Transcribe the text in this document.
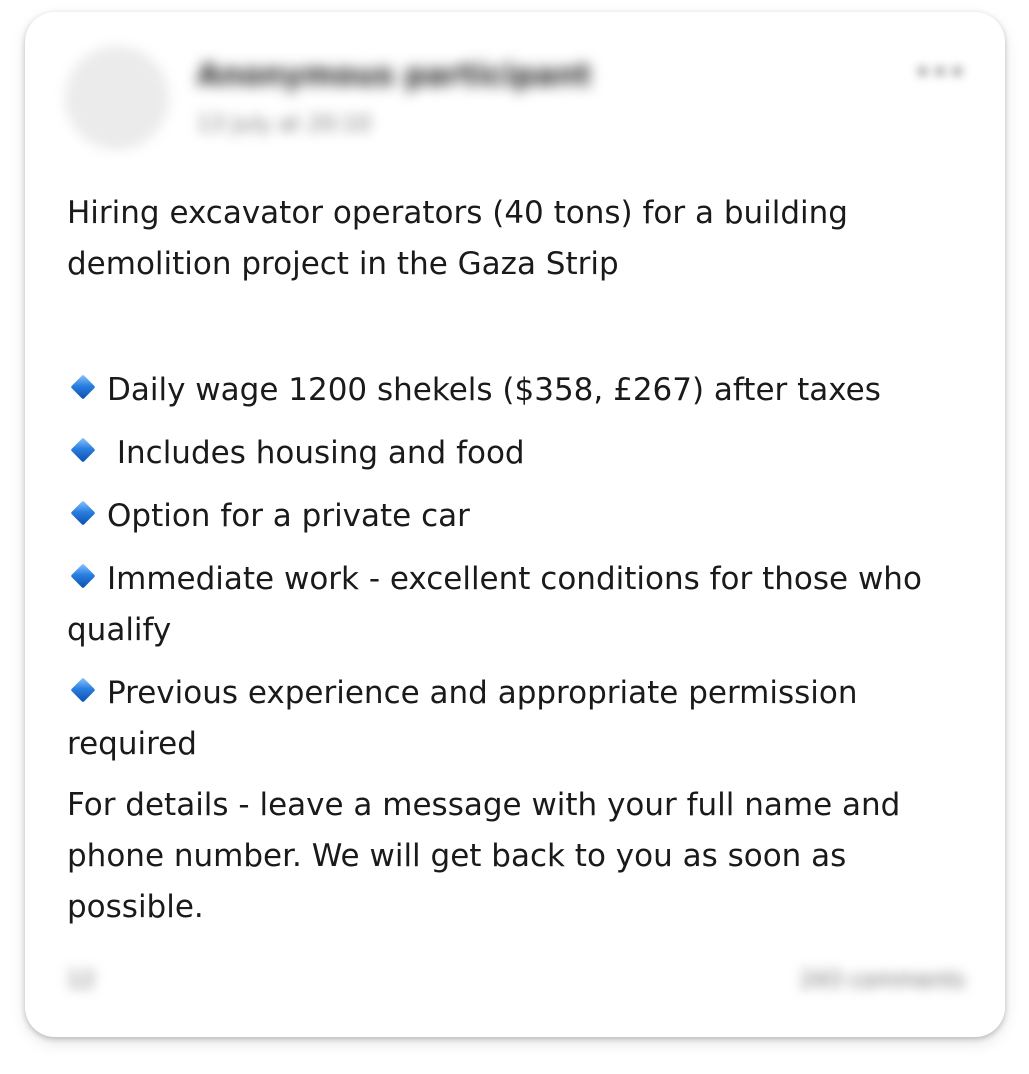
Anonymous participant
13 July at 20:10
•••

Hiring excavator operators (40 tons) for a building demolition project in the Gaza Strip

Daily wage 1200 shekels ($358, £267) after taxes

Includes housing and food

Option for a private car

Immediate work - excellent conditions for those who qualify

Previous experience and appropriate permission required

For details - leave a message with your full name and phone number. We will get back to you as soon as possible.

12	243 comments
